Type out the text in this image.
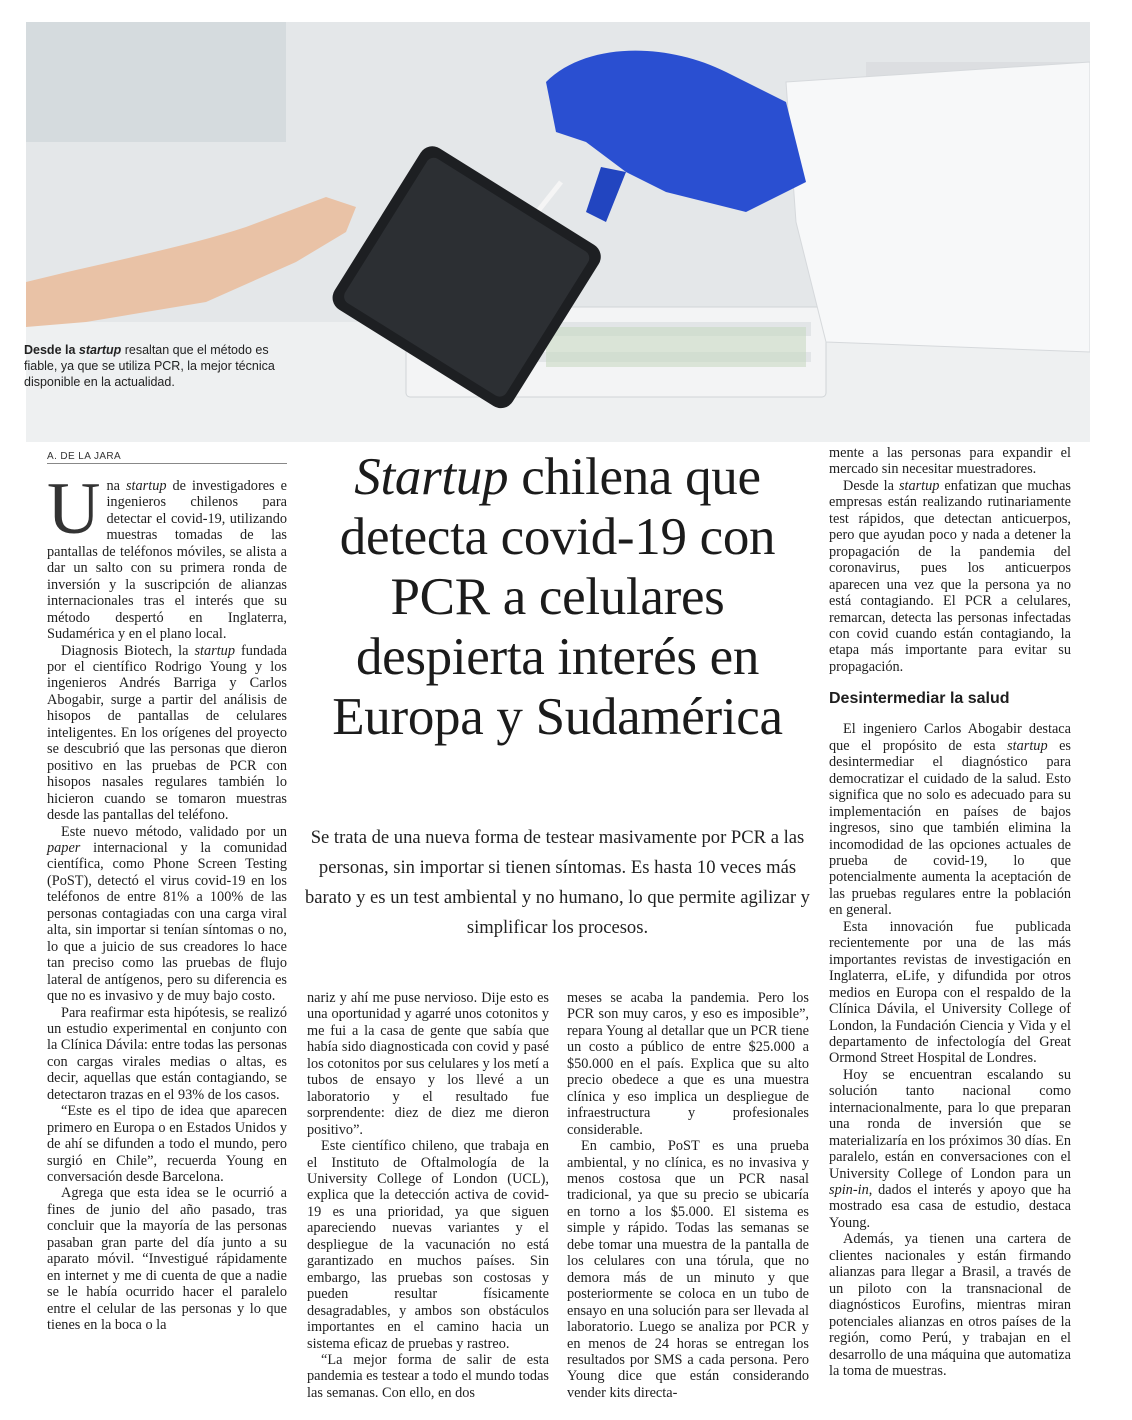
Desde la startup resaltan que el método es fiable, ya que se utiliza PCR, la mejor técnica disponible en la actualidad.
A. DE LA JARA	Startup chilena que detecta covid-19 con PCR a celulares despierta interés en Europa y Sudamérica
Se trata de una nueva forma de testear masivamente por PCR a las personas, sin importar si tienen síntomas. Es hasta 10 veces más barato y es un test ambiental y no humano, lo que permite agilizar y simplificar los procesos.

Una startup de investigadores e ingenieros chilenos para detectar el covid-19, utilizando muestras tomadas de las pantallas de teléfonos móviles, se alista a dar un salto con su primera ronda de inversión y la suscripción de alianzas internacionales tras el interés que su método despertó en Inglaterra, Sudamérica y en el plano local.

Diagnosis Biotech, la startup fundada por el científico Rodrigo Young y los ingenieros Andrés Barriga y Carlos Abogabir, surge a partir del análisis de hisopos de pantallas de celulares inteligentes. En los orígenes del proyecto se descubrió que las personas que dieron positivo en las pruebas de PCR con hisopos nasales regulares también lo hicieron cuando se tomaron muestras desde las pantallas del teléfono.

Este nuevo método, validado por un paper internacional y la comunidad científica, como Phone Screen Testing (PoST), detectó el virus covid-19 en los teléfonos de entre 81% a 100% de las personas contagiadas con una carga viral alta, sin importar si tenían síntomas o no, lo que a juicio de sus creadores lo hace tan preciso como las pruebas de flujo lateral de antígenos, pero su diferencia es que no es invasivo y de muy bajo costo.

Para reafirmar esta hipótesis, se realizó un estudio experimental en conjunto con la Clínica Dávila: entre todas las personas con cargas virales medias o altas, es decir, aquellas que están contagiando, se detectaron trazas en el 93% de los casos.

“Este es el tipo de idea que aparecen primero en Europa o en Estados Unidos y de ahí se difunden a todo el mundo, pero surgió en Chile”, recuerda Young en conversación desde Barcelona.

Agrega que esta idea se le ocurrió a fines de junio del año pasado, tras concluir que la mayoría de las personas pasaban gran parte del día junto a su aparato móvil. “Investigué rápidamente en internet y me di cuenta de que a nadie se le había ocurrido hacer el paralelo entre el celular de las personas y lo que tienes en la boca o la

nariz y ahí me puse nervioso. Dije esto es una oportunidad y agarré unos cotonitos y me fui a la casa de gente que sabía que había sido diagnosticada con covid y pasé los cotonitos por sus celulares y los metí a tubos de ensayo y los llevé a un laboratorio y el resultado fue sorprendente: diez de diez me dieron positivo”.

Este científico chileno, que trabaja en el Instituto de Oftalmología de la University College of London (UCL), explica que la detección activa de covid-19 es una prioridad, ya que siguen apareciendo nuevas variantes y el despliegue de la vacunación no está garantizado en muchos países. Sin embargo, las pruebas son costosas y pueden resultar físicamente desagradables, y ambos son obstáculos importantes en el camino hacia un sistema eficaz de pruebas y rastreo.

“La mejor forma de salir de esta pandemia es testear a todo el mundo todas las semanas. Con ello, en dos

meses se acaba la pandemia. Pero los PCR son muy caros, y eso es imposible”, repara Young al detallar que un PCR tiene un costo a público de entre $25.000 a $50.000 en el país. Explica que su alto precio obedece a que es una muestra clínica y eso implica un despliegue de infraestructura y profesionales considerable.

En cambio, PoST es una prueba ambiental, y no clínica, es no invasiva y menos costosa que un PCR nasal tradicional, ya que su precio se ubicaría en torno a los $5.000. El sistema es simple y rápido. Todas las semanas se debe tomar una muestra de la pantalla de los celulares con una tórula, que no demora más de un minuto y que posteriormente se coloca en un tubo de ensayo en una solución para ser llevada al laboratorio. Luego se analiza por PCR y en menos de 24 horas se entregan los resultados por SMS a cada persona. Pero Young dice que están considerando vender kits directa-

mente a las personas para expandir el mercado sin necesitar muestradores.

Desde la startup enfatizan que muchas empresas están realizando rutinariamente test rápidos, que detectan anticuerpos, pero que ayudan poco y nada a detener la propagación de la pandemia del coronavirus, pues los anticuerpos aparecen una vez que la persona ya no está contagiando. El PCR a celulares, remarcan, detecta las personas infectadas con covid cuando están contagiando, la etapa más importante para evitar su propagación.

Desintermediar la salud

El ingeniero Carlos Abogabir destaca que el propósito de esta startup es desintermediar el diagnóstico para democratizar el cuidado de la salud. Esto significa que no solo es adecuado para su implementación en países de bajos ingresos, sino que también elimina la incomodidad de las opciones actuales de prueba de covid-19, lo que potencialmente aumenta la aceptación de las pruebas regulares entre la población en general.

Esta innovación fue publicada recientemente por una de las más importantes revistas de investigación en Inglaterra, eLife, y difundida por otros medios en Europa con el respaldo de la Clínica Dávila, el University College of London, la Fundación Ciencia y Vida y el departamento de infectología del Great Ormond Street Hospital de Londres.

Hoy se encuentran escalando su solución tanto nacional como internacionalmente, para lo que preparan una ronda de inversión que se materializaría en los próximos 30 días. En paralelo, están en conversaciones con el University College of London para un spin-in, dados el interés y apoyo que ha mostrado esa casa de estudio, destaca Young.

Además, ya tienen una cartera de clientes nacionales y están firmando alianzas para llegar a Brasil, a través de un piloto con la transnacional de diagnósticos Eurofins, mientras miran potenciales alianzas en otros países de la región, como Perú, y trabajan en el desarrollo de una máquina que automatiza la toma de muestras.
